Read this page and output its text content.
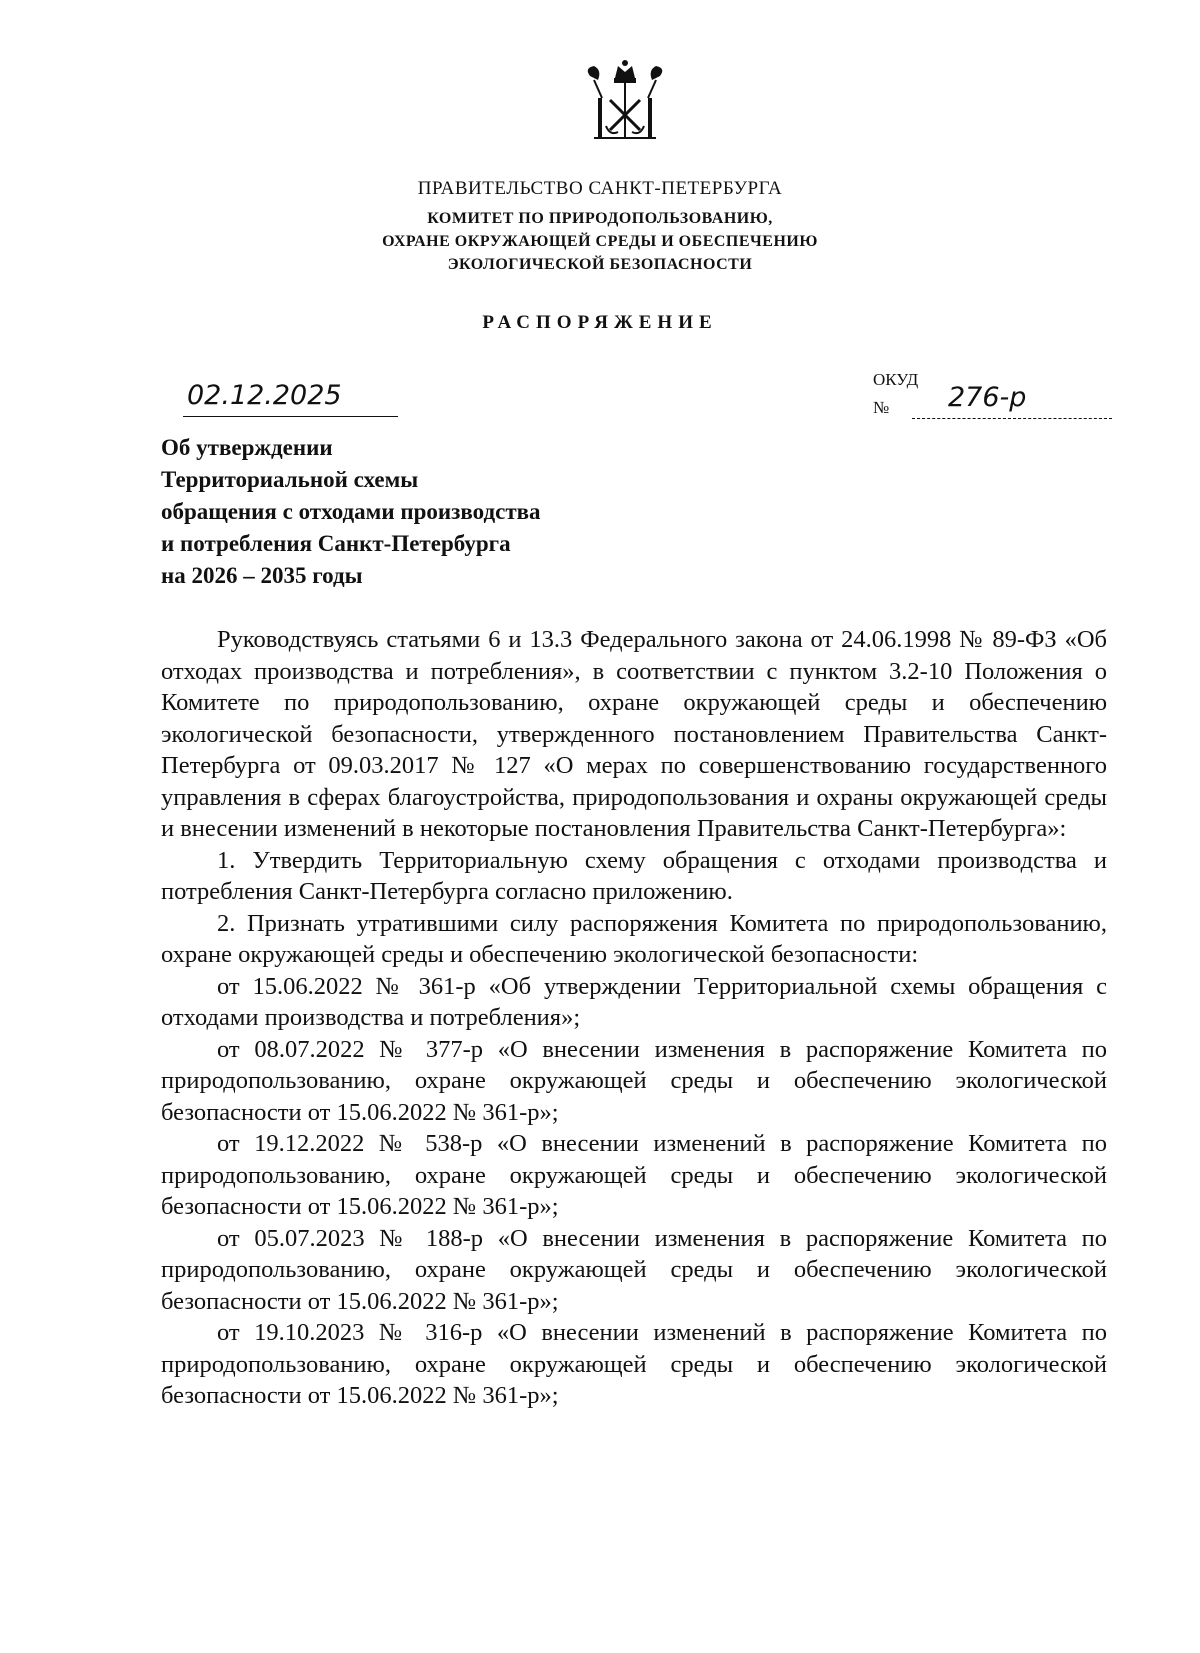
ПРАВИТЕЛЬСТВО САНКТ-ПЕТЕРБУРГА
КОМИТЕТ ПО ПРИРОДОПОЛЬЗОВАНИЮ,
ОХРАНЕ ОКРУЖАЮЩЕЙ СРЕДЫ И ОБЕСПЕЧЕНИЮ
ЭКОЛОГИЧЕСКОЙ БЕЗОПАСНОСТИ
РАСПОРЯЖЕНИЕ
02.12.2025
ОКУД
№ 276-р
Об утверждении
Территориальной схемы
обращения с отходами производства
и потребления Санкт-Петербурга
на 2026 – 2035 годы

Руководствуясь статьями 6 и 13.3 Федерального закона от 24.06.1998 № 89-ФЗ «Об отходах производства и потребления», в соответствии с пунктом 3.2-10 Положения о Комитете по природопользованию, охране окружающей среды и обеспечению экологической безопасности, утвержденного постановлением Правительства Санкт-Петербурга от 09.03.2017 № 127 «О мерах по совершенствованию государственного управления в сферах благоустройства, природопользования и охраны окружающей среды и внесении изменений в некоторые постановления Правительства Санкт-Петербурга»:

1. Утвердить Территориальную схему обращения с отходами производства и потребления Санкт-Петербурга согласно приложению.

2. Признать утратившими силу распоряжения Комитета по природопользованию, охране окружающей среды и обеспечению экологической безопасности:

от 15.06.2022 № 361-р «Об утверждении Территориальной схемы обращения с отходами производства и потребления»;

от 08.07.2022 № 377-р «О внесении изменения в распоряжение Комитета по природопользованию, охране окружающей среды и обеспечению экологической безопасности от 15.06.2022 № 361-р»;

от 19.12.2022 № 538-р «О внесении изменений в распоряжение Комитета по природопользованию, охране окружающей среды и обеспечению экологической безопасности от 15.06.2022 № 361-р»;

от 05.07.2023 № 188-р «О внесении изменения в распоряжение Комитета по природопользованию, охране окружающей среды и обеспечению экологической безопасности от 15.06.2022 № 361-р»;

от 19.10.2023 № 316-р «О внесении изменений в распоряжение Комитета по природопользованию, охране окружающей среды и обеспечению экологической безопасности от 15.06.2022 № 361-р»;
